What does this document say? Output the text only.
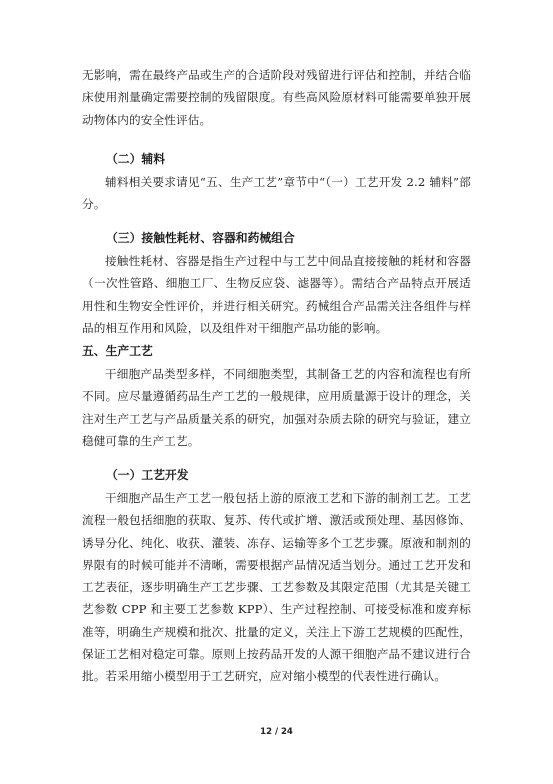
无影响，需在最终产品或生产的合适阶段对残留进行评估和控制，并结合临床使用剂量确定需要控制的残留限度。有些高风险原材料可能需要单独开展动物体内的安全性评估。
（二）辅料
辅料相关要求请见“五、生产工艺”章节中“（一）工艺开发 2.2 辅料”部分。
（三）接触性耗材、容器和药械组合
接触性耗材、容器是指生产过程中与工艺中间品直接接触的耗材和容器（一次性管路、细胞工厂、生物反应袋、滤器等）。需结合产品特点开展适用性和生物安全性评价，并进行相关研究。药械组合产品需关注各组件与样品的相互作用和风险，以及组件对干细胞产品功能的影响。
五、生产工艺
干细胞产品类型多样，不同细胞类型，其制备工艺的内容和流程也有所不同。应尽量遵循药品生产工艺的一般规律，应用质量源于设计的理念，关注对生产工艺与产品质量关系的研究，加强对杂质去除的研究与验证，建立稳健可靠的生产工艺。
（一）工艺开发
干细胞产品生产工艺一般包括上游的原液工艺和下游的制剂工艺。工艺流程一般包括细胞的获取、复苏、传代或扩增、激活或预处理、基因修饰、诱导分化、纯化、收获、灌装、冻存、运输等多个工艺步骤。原液和制剂的界限有的时候可能并不清晰，需要根据产品情况适当划分。通过工艺开发和工艺表征，逐步明确生产工艺步骤、工艺参数及其限定范围（尤其是关键工艺参数 CPP 和主要工艺参数 KPP）、生产过程控制、可接受标准和废弃标准等，明确生产规模和批次、批量的定义，关注上下游工艺规模的匹配性，保证工艺相对稳定可靠。原则上按药品开发的人源干细胞产品不建议进行合批。若采用缩小模型用于工艺研究，应对缩小模型的代表性进行确认。
12 / 24
